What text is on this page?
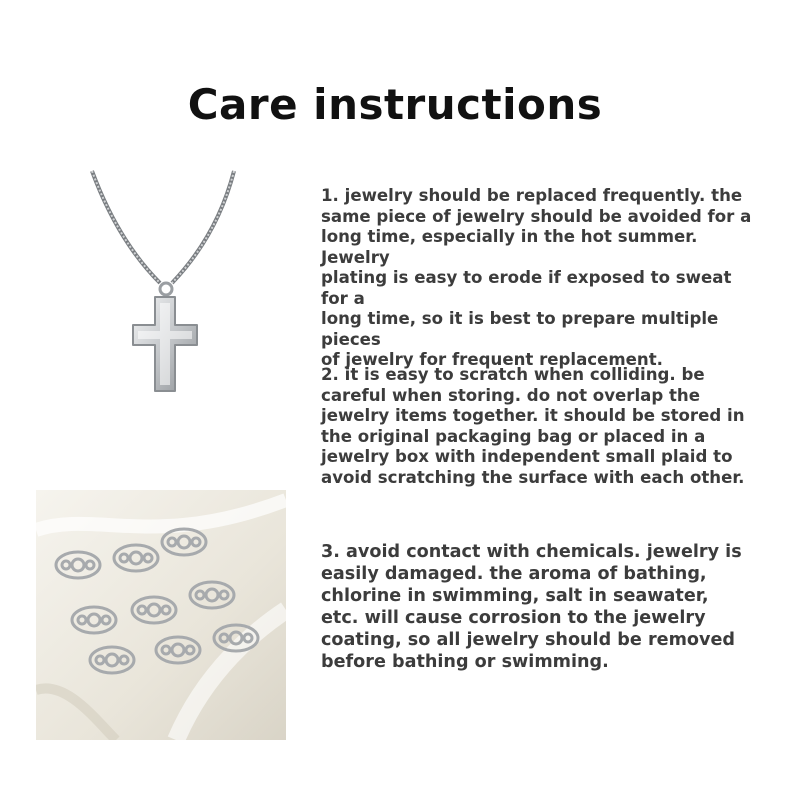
Care instructions

1. jewelry should be replaced frequently. the
same piece of jewelry should be avoided for a
long time, especially in the hot summer. Jewelry
plating is easy to erode if exposed to sweat for a
long time, so it is best to prepare multiple pieces
of jewelry for frequent replacement.

2. it is easy to scratch when colliding. be
careful when storing. do not overlap the
jewelry items together. it should be stored in
the original packaging bag or placed in a
jewelry box with independent small plaid to
avoid scratching the surface with each other.

3. avoid contact with chemicals. jewelry is
easily damaged. the aroma of bathing,
chlorine in swimming, salt in seawater,
etc. will cause corrosion to the jewelry
coating, so all jewelry should be removed
before bathing or swimming.
